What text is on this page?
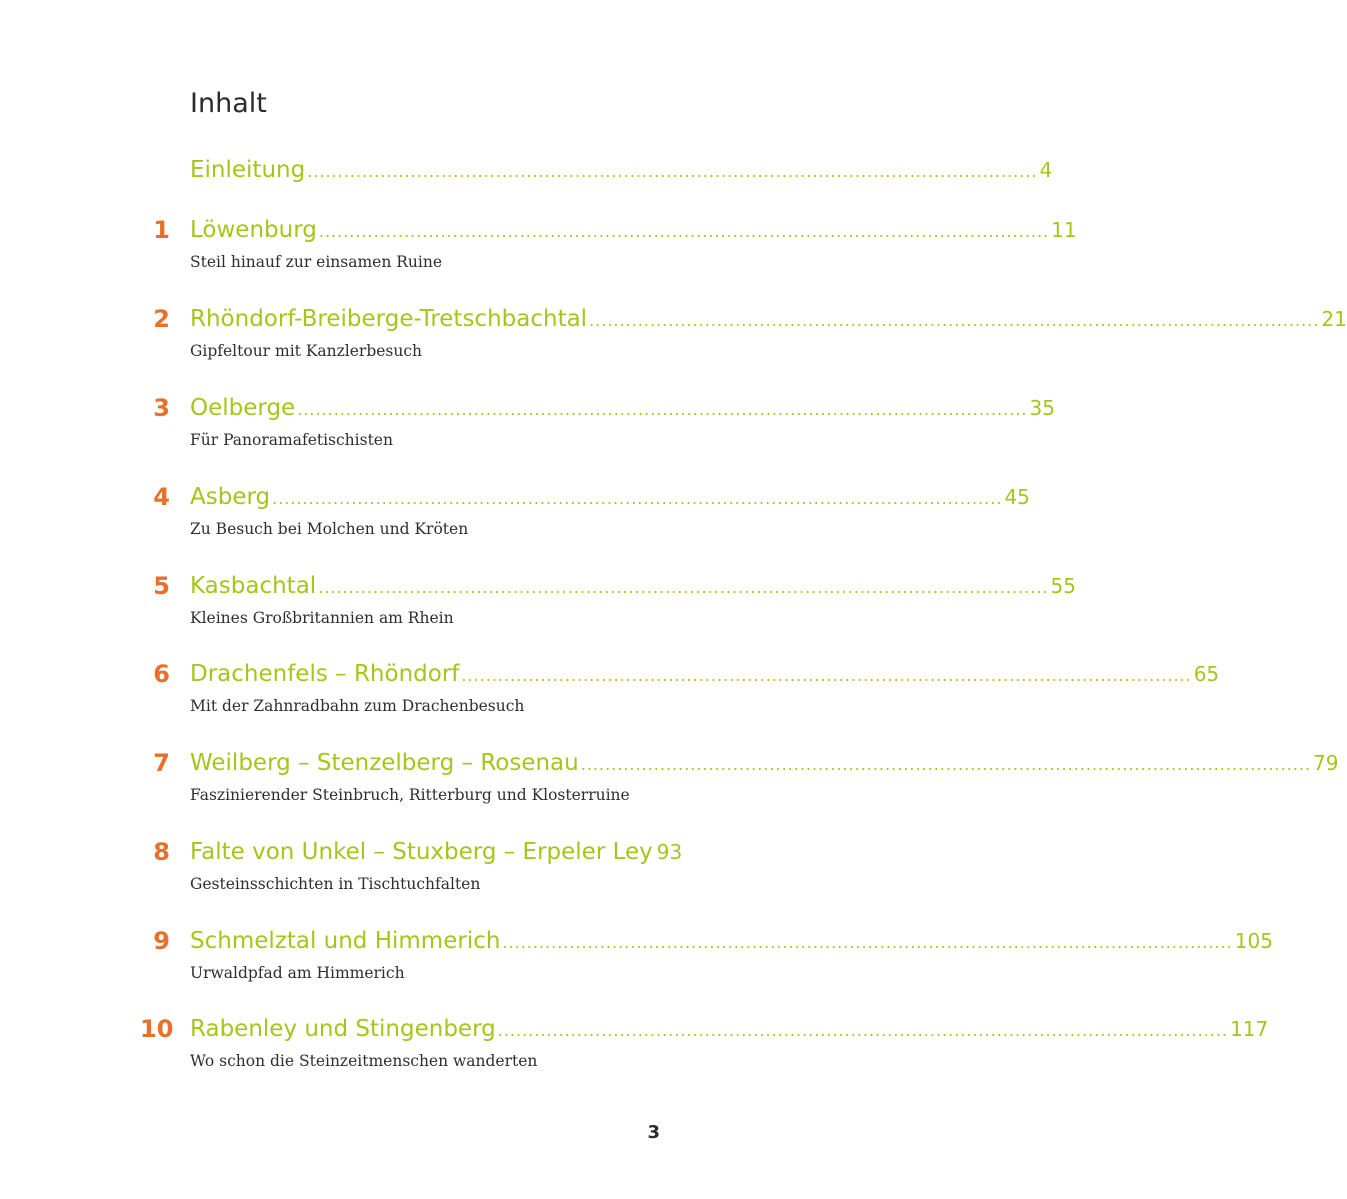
Inhalt
Einleitung ........................................................................................................................ 4
1 Löwenburg ........................................................................................................................ 11
Steil hinauf zur einsamen Ruine
2 Rhöndorf-Breiberge-Tretschbachtal ........................................................................................................................ 21
Gipfeltour mit Kanzlerbesuch
3 Oelberge ........................................................................................................................ 35
Für Panoramafetischisten
4 Asberg ........................................................................................................................ 45
Zu Besuch bei Molchen und Kröten
5 Kasbachtal ........................................................................................................................ 55
Kleines Großbritannien am Rhein
6 Drachenfels – Rhöndorf ........................................................................................................................ 65
Mit der Zahnradbahn zum Drachenbesuch
7 Weilberg – Stenzelberg – Rosenau ........................................................................................................................ 79
Faszinierender Steinbruch, Ritterburg und Klosterruine
8 Falte von Unkel – Stuxberg – Erpeler Ley 93
Gesteinsschichten in Tischtuchfalten
9 Schmelztal und Himmerich ........................................................................................................................ 105
Urwaldpfad am Himmerich
10 Rabenley und Stingenberg ........................................................................................................................ 117
Wo schon die Steinzeitmenschen wanderten
3
